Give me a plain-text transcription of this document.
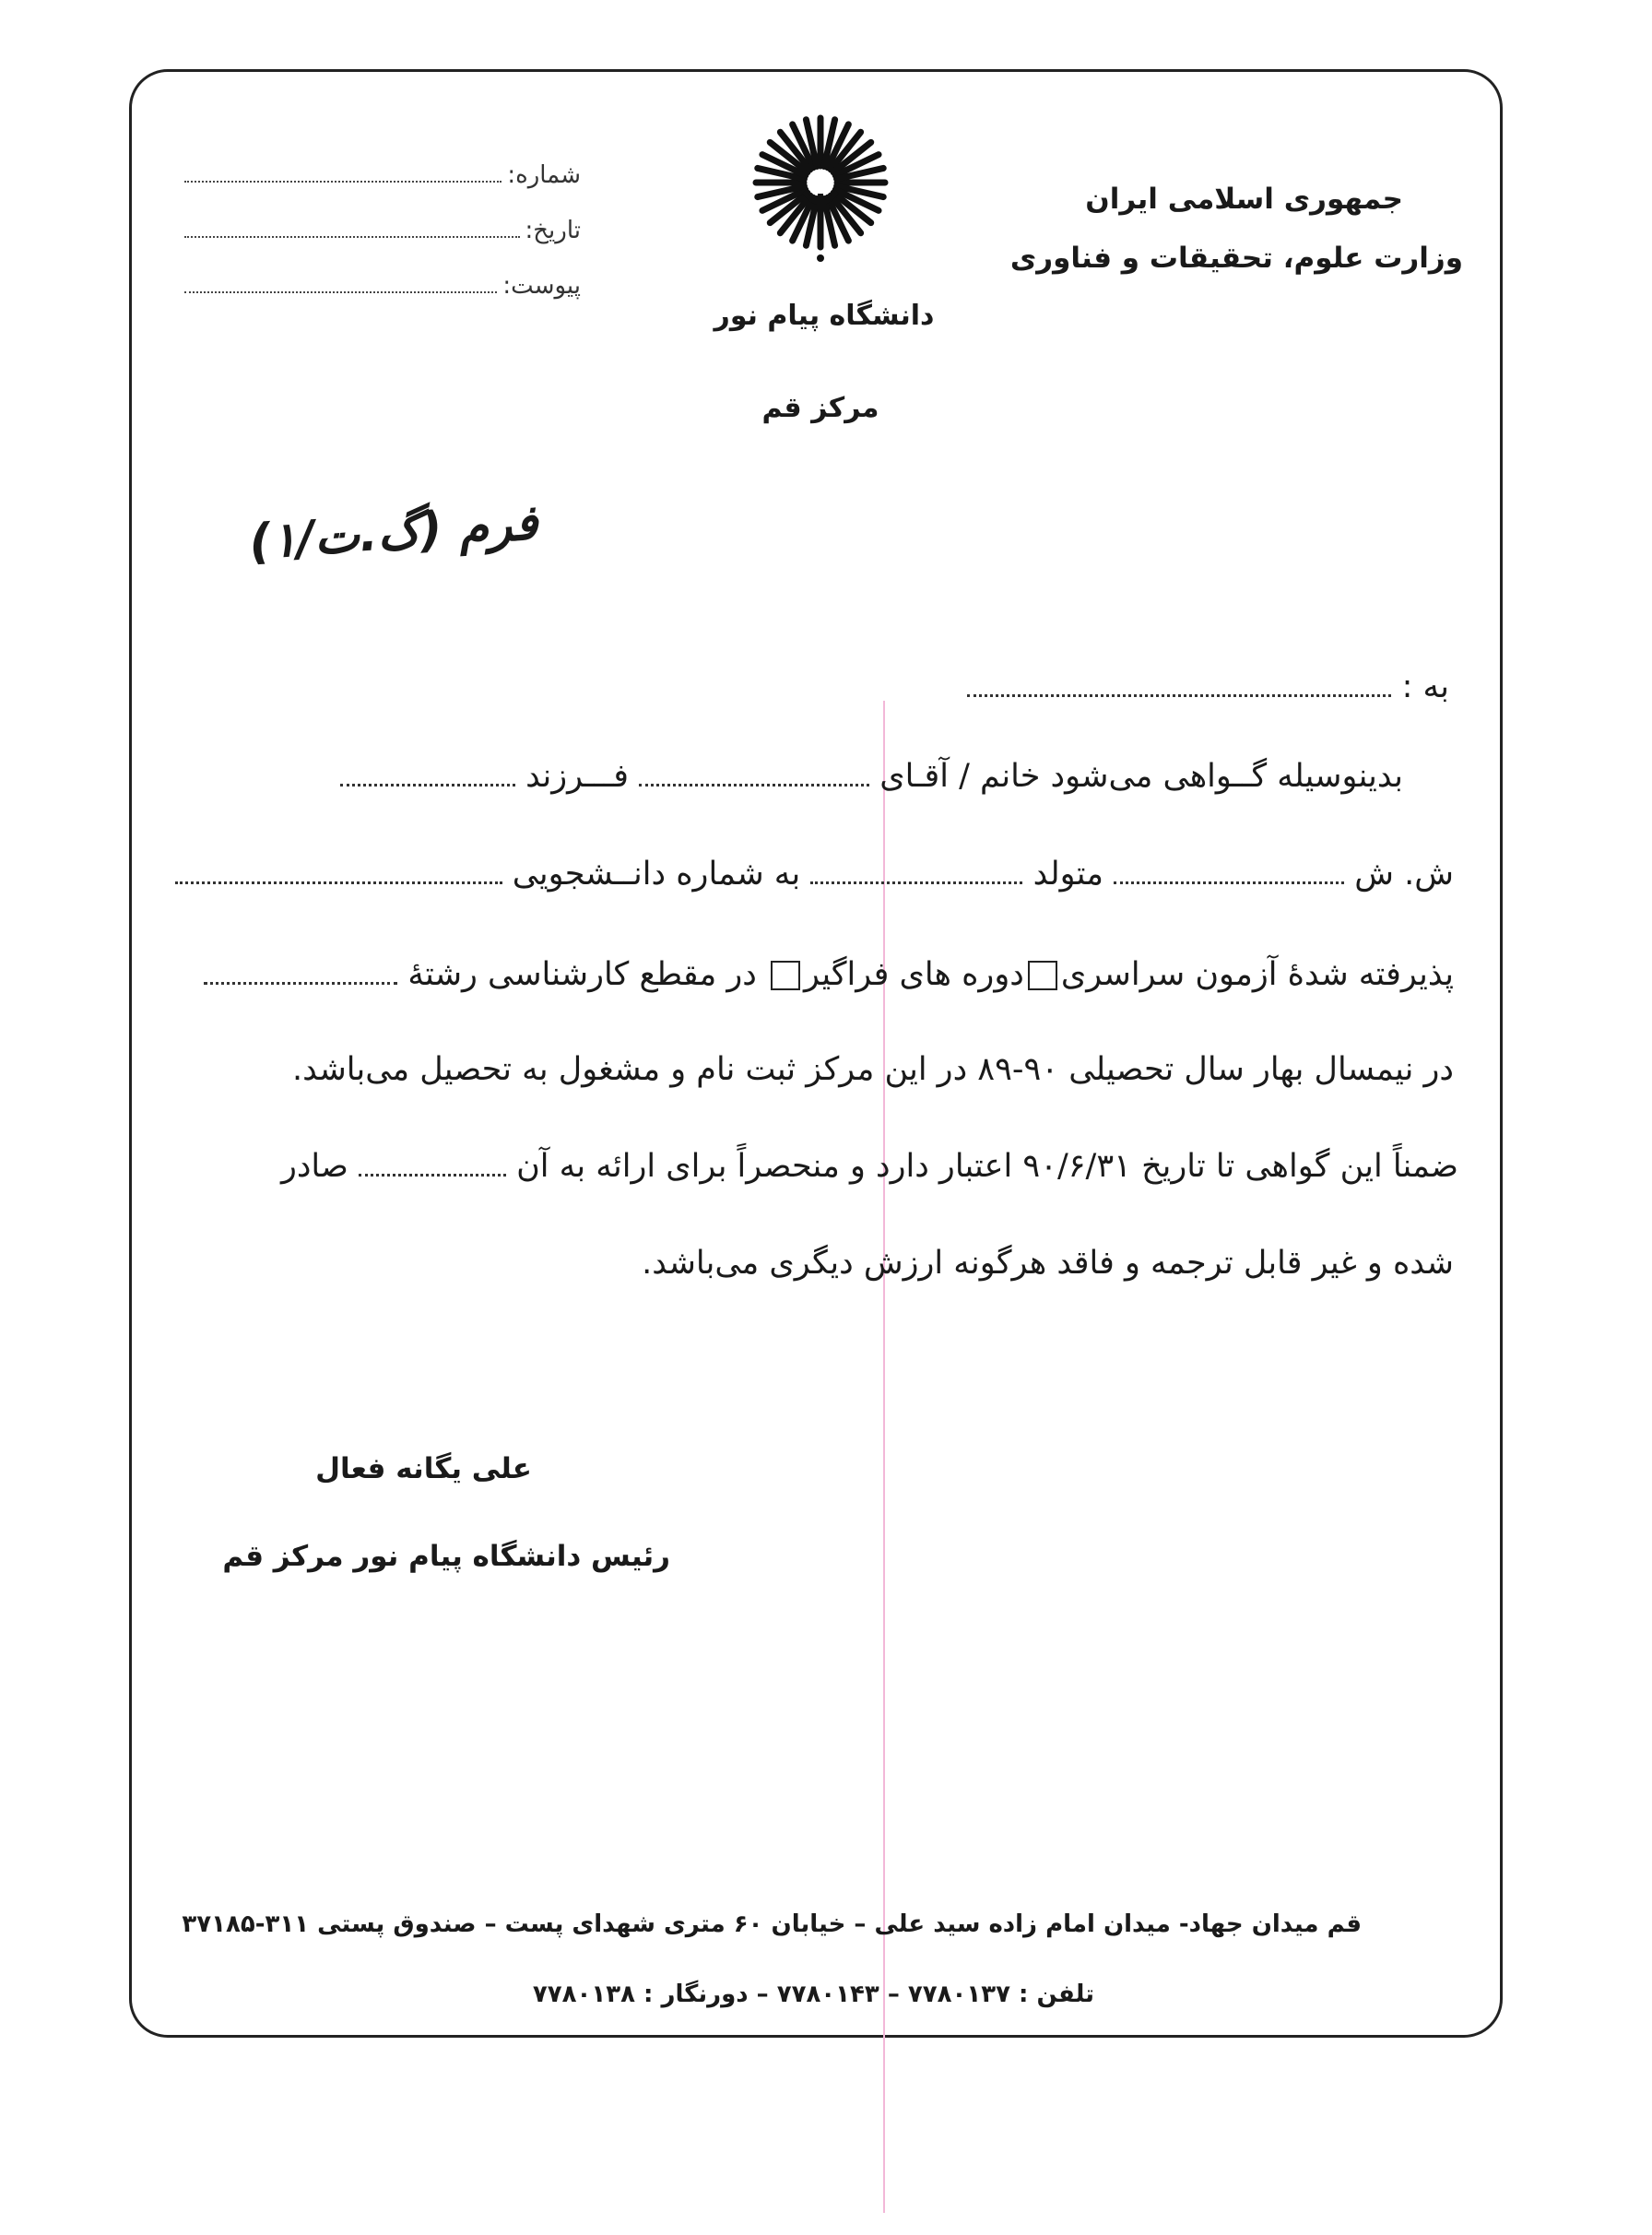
جمهوری اسلامی ایران
وزارت علوم، تحقیقات و فناوری
دانشگاه پیام نور
مرکز قم
شماره:
تاریخ:
پیوست:
فرم (گ.ت/۱)
به :
بدینوسیله گــواهی می‌شود خانم / آقـای  فـــرزند
ش. ش  متولد  به شماره دانــشجویی
پذیرفته شدهٔ آزمون سراسریدوره های فراگیر در مقطع کارشناسی رشتهٔ
در نیمسال بهار سال تحصیلی ۹۰-۸۹ در این مرکز ثبت نام و مشغول به تحصیل می‌باشد.
ضمناً این گواهی تا تاریخ ۹۰/۶/۳۱ اعتبار دارد و منحصراً برای ارائه به آن  صادر
شده و غیر قابل ترجمه و فاقد هرگونه ارزش دیگری می‌باشد.
علی یگانه فعال
رئیس دانشگاه پیام نور مرکز قم
قم میدان جهاد- میدان امام زاده سید علی – خیابان ۶۰ متری شهدای پست – صندوق پستی ۳۱۱-۳۷۱۸۵
تلفن : ۷۷۸۰۱۳۷ – ۷۷۸۰۱۴۳ – دورنگار : ۷۷۸۰۱۳۸
